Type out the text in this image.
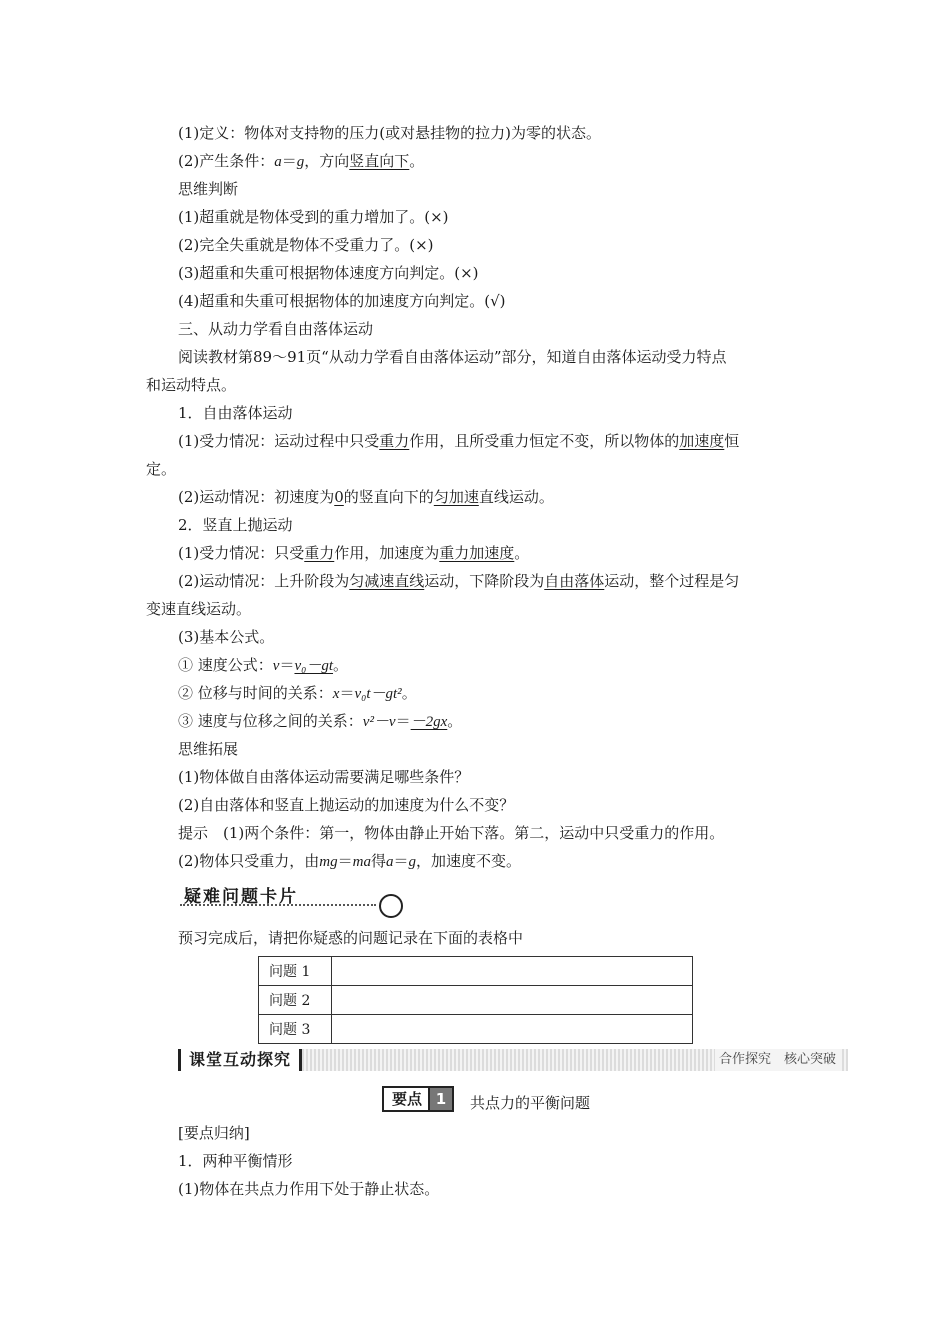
(1)定义：物体对支持物的压力(或对悬挂物的拉力)为零的状态。
(2)产生条件：a＝g，方向竖直向下。
思维判断
(1)超重就是物体受到的重力增加了。(×)
(2)完全失重就是物体不受重力了。(×)
(3)超重和失重可根据物体速度方向判定。(×)
(4)超重和失重可根据物体的加速度方向判定。(√)
三、从动力学看自由落体运动
阅读教材第89～91页“从动力学看自由落体运动”部分，知道自由落体运动受力特点
和运动特点。
1．自由落体运动
(1)受力情况：运动过程中只受重力作用，且所受重力恒定不变，所以物体的加速度恒
定。
(2)运动情况：初速度为0的竖直向下的匀加速直线运动。
2．竖直上抛运动
(1)受力情况：只受重力作用，加速度为重力加速度。
(2)运动情况：上升阶段为匀减速直线运动，下降阶段为自由落体运动，整个过程是匀
变速直线运动。
(3)基本公式。
① 速度公式：v＝v₀－gt。
② 位移与时间的关系：x＝v₀t－gt²。
③ 速度与位移之间的关系：v²－v＝－2gx。
思维拓展
(1)物体做自由落体运动需要满足哪些条件？
(2)自由落体和竖直上抛运动的加速度为什么不变？
提示　(1)两个条件：第一，物体由静止开始下落。第二，运动中只受重力的作用。
(2)物体只受重力，由mg＝ma得a＝g，加速度不变。
疑难问题卡片
预习完成后，请把你疑惑的问题记录在下面的表格中
问题 1	
问题 2	
问题 3	
课堂互动探究	合作探究　核心突破
要点 1	共点力的平衡问题
[要点归纳]
1．两种平衡情形
(1)物体在共点力作用下处于静止状态。
